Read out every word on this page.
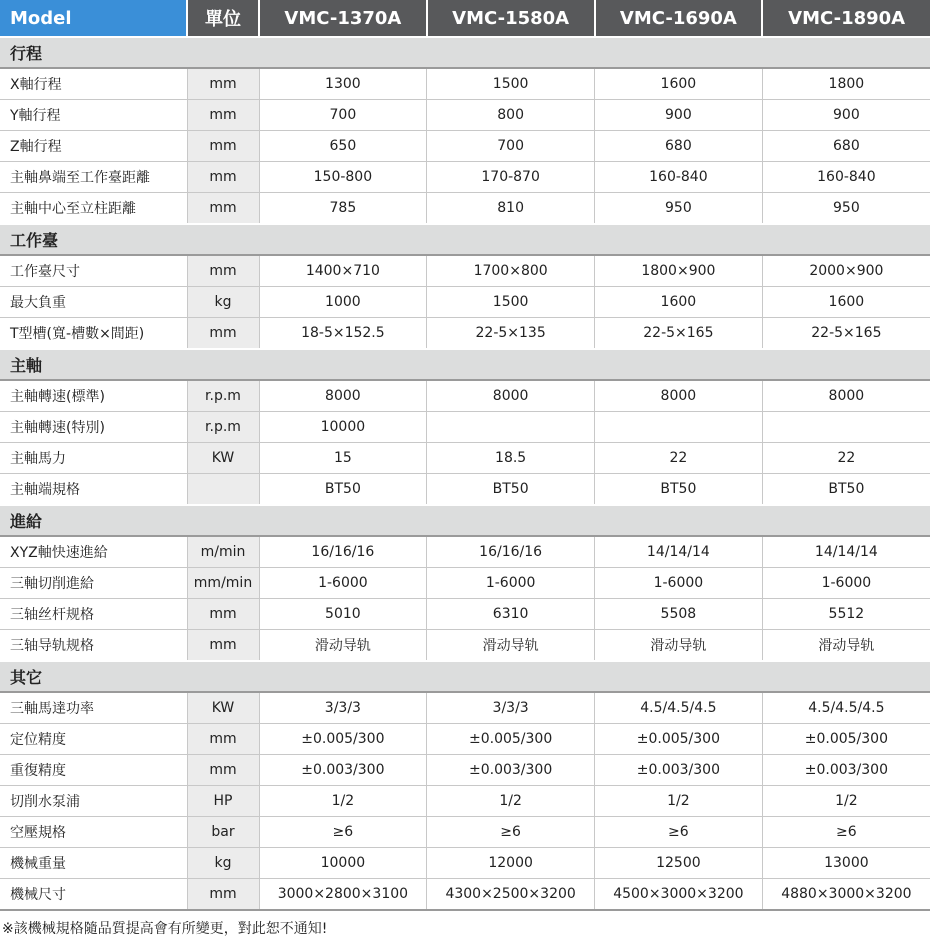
Model	單位	VMC-1370A	VMC-1580A	VMC-1690A	VMC-1890A
行程					
X軸行程	mm	1300	1500	1600	1800
Y軸行程	mm	700	800	900	900
Z軸行程	mm	650	700	680	680
主軸鼻端至工作臺距離	mm	150-800	170-870	160-840	160-840
主軸中心至立柱距離	mm	785	810	950	950
工作臺					
工作臺尺寸	mm	1400×710	1700×800	1800×900	2000×900
最大負重	kg	1000	1500	1600	1600
T型槽(寬-槽數×間距)	mm	18-5×152.5	22-5×135	22-5×165	22-5×165
主軸					
主軸轉速(標準)	r.p.m	8000	8000	8000	8000
主軸轉速(特別)	r.p.m	10000			
主軸馬力	KW	15	18.5	22	22
主軸端規格		BT50	BT50	BT50	BT50
進給					
XYZ軸快速進給	m/min	16/16/16	16/16/16	14/14/14	14/14/14
三軸切削進給	mm/min	1-6000	1-6000	1-6000	1-6000
三轴丝杆规格	mm	5010	6310	5508	5512
三轴导轨规格	mm	滑动导轨	滑动导轨	滑动导轨	滑动导轨
其它					
三軸馬達功率	KW	3/3/3	3/3/3	4.5/4.5/4.5	4.5/4.5/4.5
定位精度	mm	±0.005/300	±0.005/300	±0.005/300	±0.005/300
重復精度	mm	±0.003/300	±0.003/300	±0.003/300	±0.003/300
切削水泵浦	HP	1/2	1/2	1/2	1/2
空壓規格	bar	≥6	≥6	≥6	≥6
機械重量	kg	10000	12000	12500	13000
機械尺寸	mm	3000×2800×3100	4300×2500×3200	4500×3000×3200	4880×3000×3200
※該機械規格隨品質提高會有所變更，對此恕不通知!
